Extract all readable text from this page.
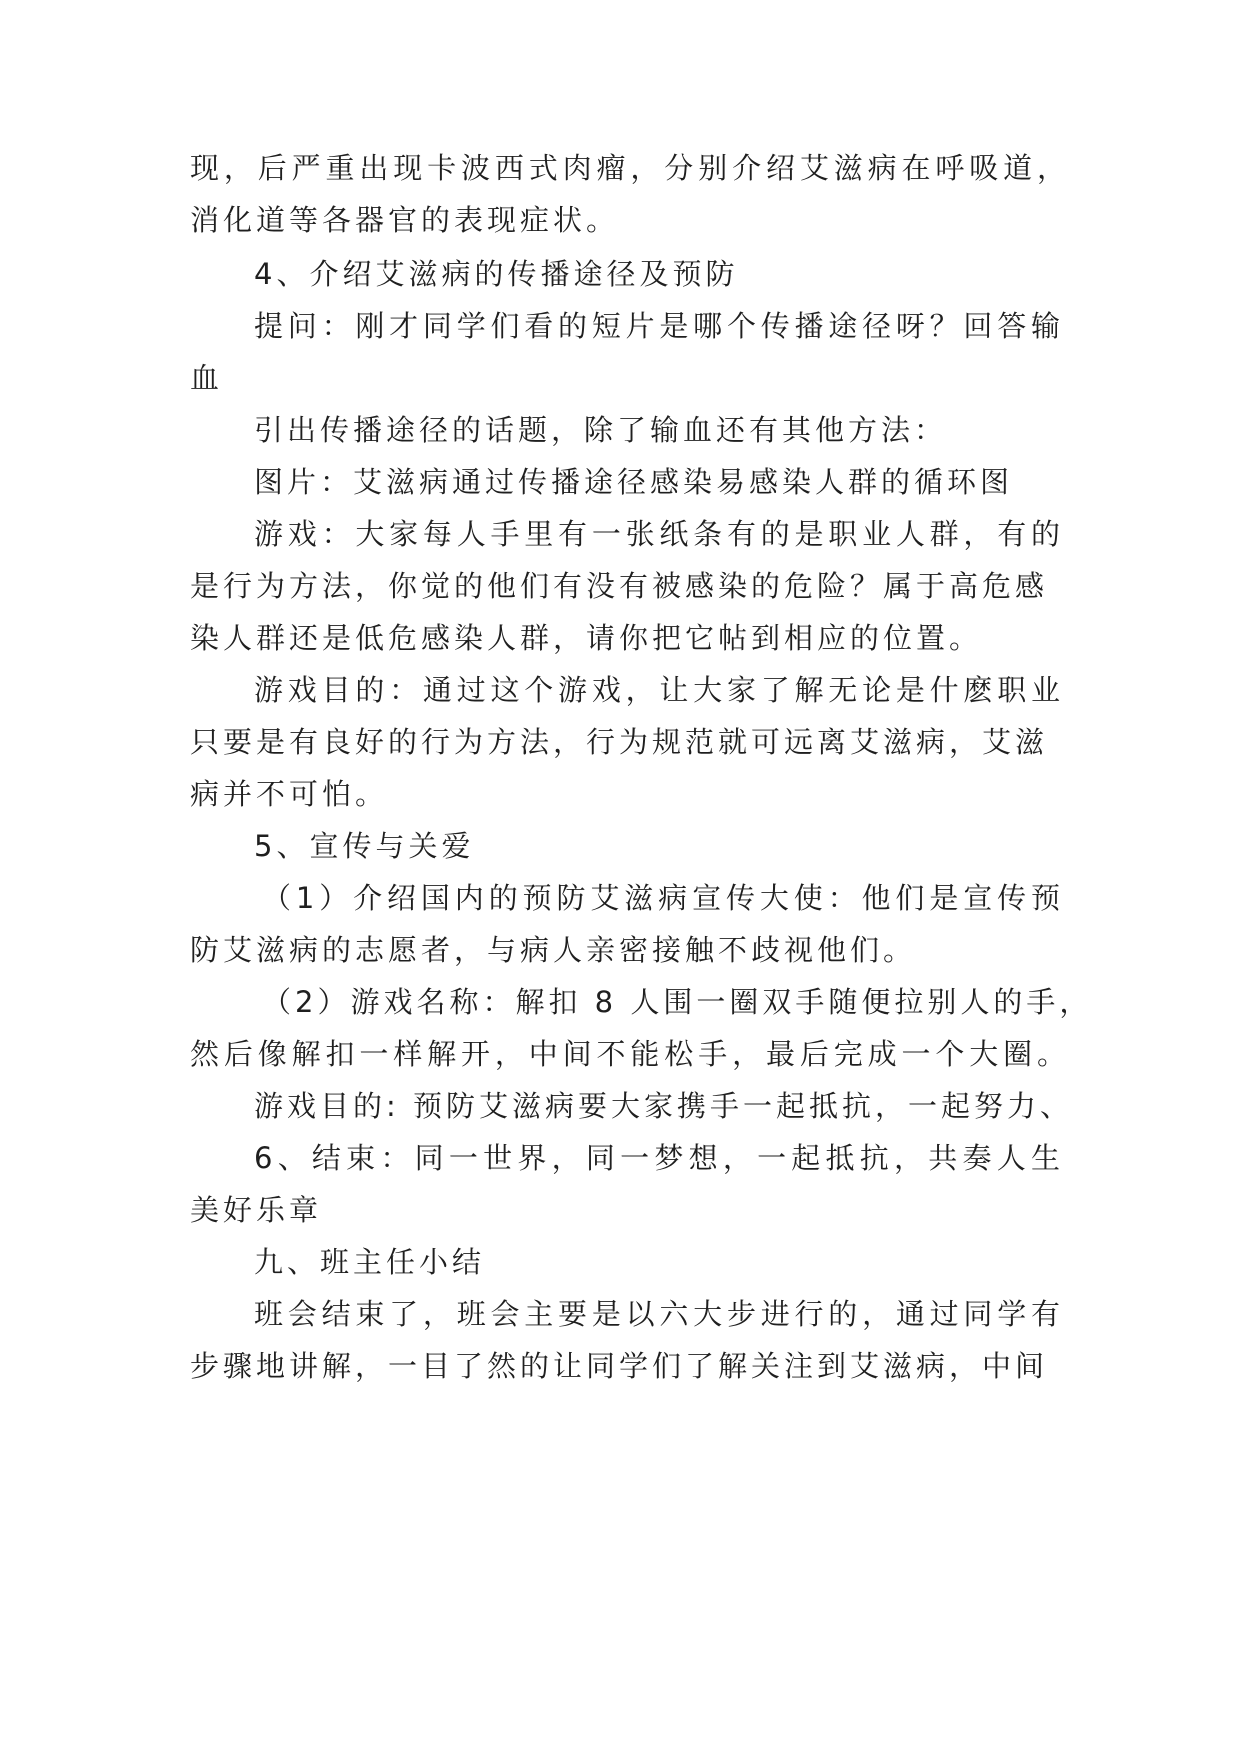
现，后严重出现卡波西式肉瘤，分别介绍艾滋病在呼吸道，
消化道等各器官的表现症状。
4、介绍艾滋病的传播途径及预防
提问：刚才同学们看的短片是哪个传播途径呀？回答输
血
引出传播途径的话题，除了输血还有其他方法：
图片：艾滋病通过传播途径感染易感染人群的循环图
游戏：大家每人手里有一张纸条有的是职业人群，有的
是行为方法，你觉的他们有没有被感染的危险？属于高危感
染人群还是低危感染人群，请你把它帖到相应的位置。
游戏目的：通过这个游戏，让大家了解无论是什麽职业
只要是有良好的行为方法，行为规范就可远离艾滋病，艾滋
病并不可怕。
5、宣传与关爱
（1）介绍国内的预防艾滋病宣传大使：他们是宣传预
防艾滋病的志愿者，与病人亲密接触不歧视他们。
（2）游戏名称：解扣 8 人围一圈双手随便拉别人的手，
然后像解扣一样解开，中间不能松手，最后完成一个大圈。
游戏目的: 预防艾滋病要大家携手一起抵抗，一起努力、
6、结束：同一世界，同一梦想，一起抵抗，共奏人生
美好乐章
九、班主任小结
班会结束了，班会主要是以六大步进行的，通过同学有
步骤地讲解，一目了然的让同学们了解关注到艾滋病，中间
